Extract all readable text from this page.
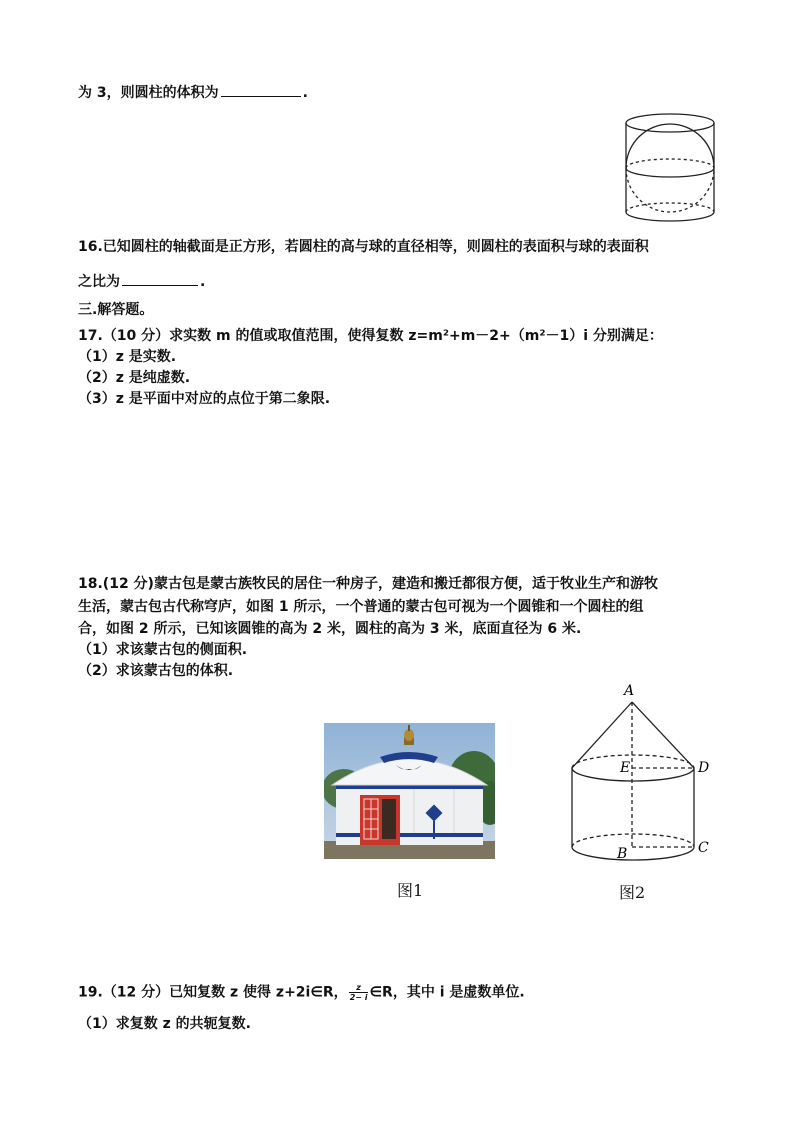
为 3，则圆柱的体积为	.
16.已知圆柱的轴截面是正方形，若圆柱的高与球的直径相等，则圆柱的表面积与球的表面积
之比为	.
三.解答题。
17.（10 分）求实数 m 的值或取值范围，使得复数 z=m²+m－2+（m²－1）i 分别满足：
（1）z 是实数.
（2）z 是纯虚数.
（3）z 是平面中对应的点位于第二象限.
18.(12 分)蒙古包是蒙古族牧民的居住一种房子，建造和搬迁都很方便，适于牧业生产和游牧
生活，蒙古包古代称穹庐，如图 1 所示，一个普通的蒙古包可视为一个圆锥和一个圆柱的组
合，如图 2 所示，已知该圆锥的高为 2 米，圆柱的高为 3 米，底面直径为 6 米.
（1）求该蒙古包的侧面积.
（2）求该蒙古包的体积.
图1
A
E	D
B	C
图2
19.（12 分）已知复数 z 使得 z+2i∈R，$\frac{z}{2- i}$ ∈R，其中 i 是虚数单位.
（1）求复数 z 的共轭复数.
